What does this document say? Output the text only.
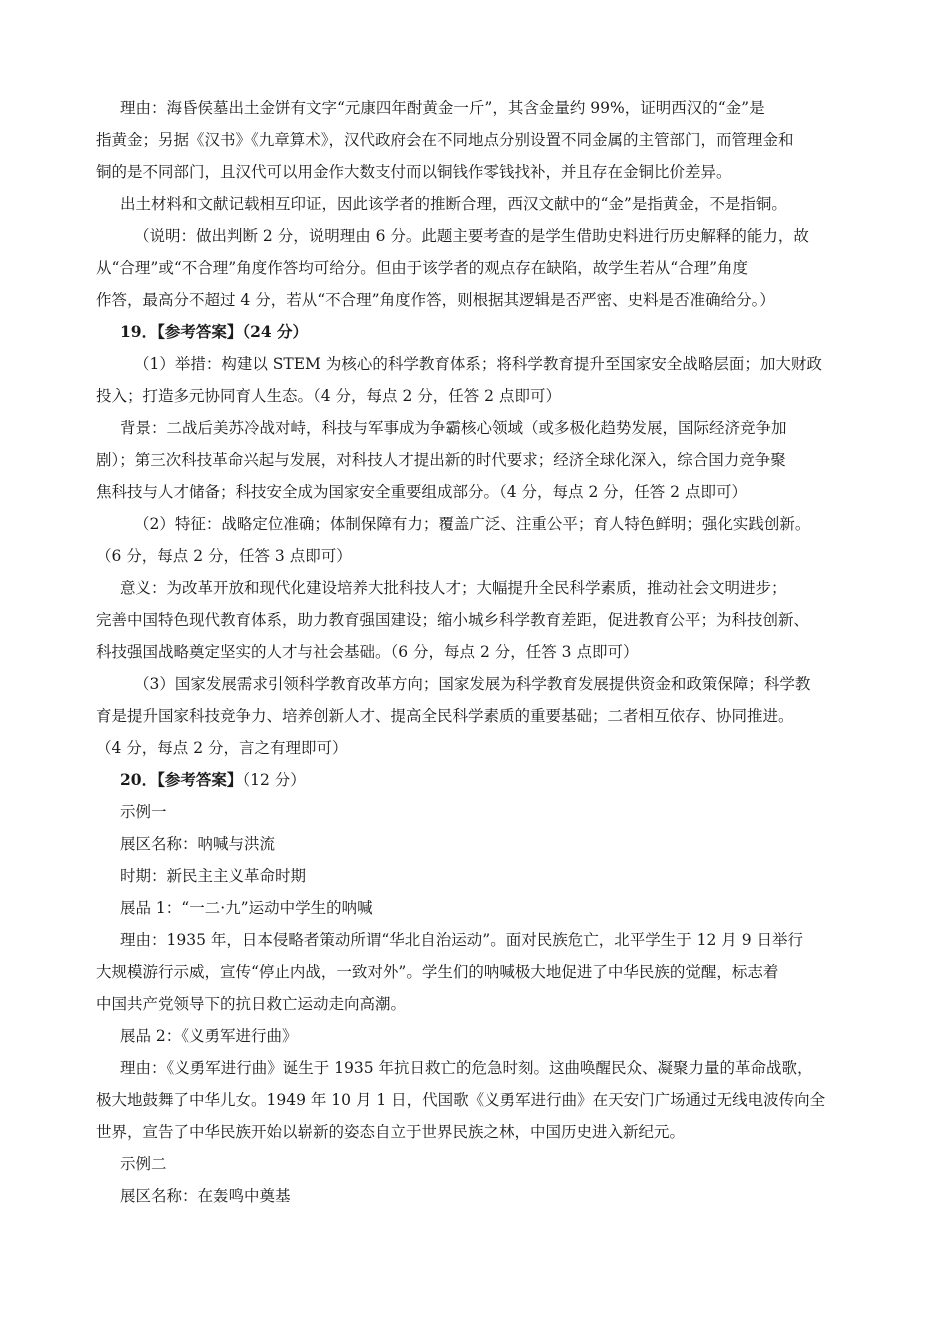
理由：海昏侯墓出土金饼有文字“元康四年酎黄金一斤”，其含金量约 99%，证明西汉的“金”是
指黄金；另据《汉书》《九章算术》，汉代政府会在不同地点分别设置不同金属的主管部门，而管理金和
铜的是不同部门，且汉代可以用金作大数支付而以铜钱作零钱找补，并且存在金铜比价差异。
出土材料和文献记载相互印证，因此该学者的推断合理，西汉文献中的“金”是指黄金，不是指铜。
（说明：做出判断 2 分，说明理由 6 分。此题主要考查的是学生借助史料进行历史解释的能力，故
从“合理”或“不合理”角度作答均可给分。但由于该学者的观点存在缺陷，故学生若从“合理”角度
作答，最高分不超过 4 分，若从“不合理”角度作答，则根据其逻辑是否严密、史料是否准确给分。）
19．【参考答案】（24 分）
（1）举措：构建以 STEM 为核心的科学教育体系；将科学教育提升至国家安全战略层面；加大财政
投入；打造多元协同育人生态。（4 分，每点 2 分，任答 2 点即可）
背景：二战后美苏冷战对峙，科技与军事成为争霸核心领域（或多极化趋势发展，国际经济竞争加
剧）；第三次科技革命兴起与发展，对科技人才提出新的时代要求；经济全球化深入，综合国力竞争聚
焦科技与人才储备；科技安全成为国家安全重要组成部分。（4 分，每点 2 分，任答 2 点即可）
（2）特征：战略定位准确；体制保障有力；覆盖广泛、注重公平；育人特色鲜明；强化实践创新。
（6 分，每点 2 分，任答 3 点即可）
意义：为改革开放和现代化建设培养大批科技人才；大幅提升全民科学素质，推动社会文明进步；
完善中国特色现代教育体系，助力教育强国建设；缩小城乡科学教育差距，促进教育公平；为科技创新、
科技强国战略奠定坚实的人才与社会基础。（6 分，每点 2 分，任答 3 点即可）
（3）国家发展需求引领科学教育改革方向；国家发展为科学教育发展提供资金和政策保障；科学教
育是提升国家科技竞争力、培养创新人才、提高全民科学素质的重要基础；二者相互依存、协同推进。
（4 分，每点 2 分，言之有理即可）
20．【参考答案】（12 分）
示例一
展区名称：呐喊与洪流
时期：新民主主义革命时期
展品 1：“一二·九”运动中学生的呐喊
理由：1935 年，日本侵略者策动所谓“华北自治运动”。面对民族危亡，北平学生于 12 月 9 日举行
大规模游行示威，宣传“停止内战，一致对外”。学生们的呐喊极大地促进了中华民族的觉醒，标志着
中国共产党领导下的抗日救亡运动走向高潮。
展品 2：《义勇军进行曲》
理由：《义勇军进行曲》诞生于 1935 年抗日救亡的危急时刻。这曲唤醒民众、凝聚力量的革命战歌，
极大地鼓舞了中华儿女。1949 年 10 月 1 日，代国歌《义勇军进行曲》在天安门广场通过无线电波传向全
世界，宣告了中华民族开始以崭新的姿态自立于世界民族之林，中国历史进入新纪元。
示例二
展区名称：在轰鸣中奠基
